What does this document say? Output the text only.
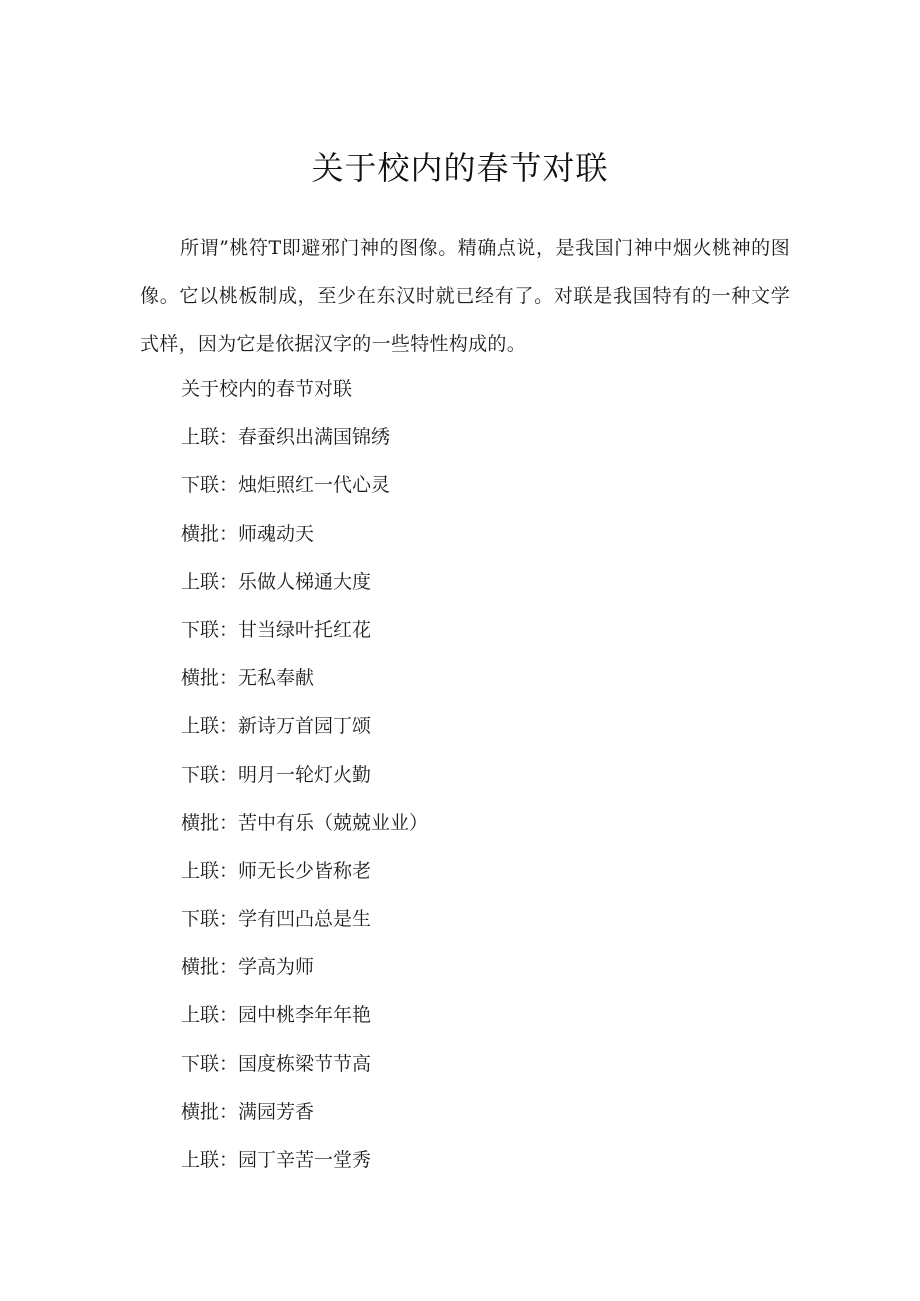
关于校内的春节对联

所谓”桃符T即避邪门神的图像。精确点说，是我国门神中烟火桃神的图像。它以桃板制成，至少在东汉时就已经有了。对联是我国特有的一种文学式样，因为它是依据汉字的一些特性构成的。

关于校内的春节对联
上联：春蚕织出满国锦绣
下联：烛炬照红一代心灵
横批：师魂动天
上联：乐做人梯通大度
下联：甘当绿叶托红花
横批：无私奉献
上联：新诗万首园丁颂
下联：明月一轮灯火勤
横批：苦中有乐（兢兢业业）
上联：师无长少皆称老
下联：学有凹凸总是生
横批：学高为师
上联：园中桃李年年艳
下联：国度栋梁节节高
横批：满园芳香
上联：园丁辛苦一堂秀
